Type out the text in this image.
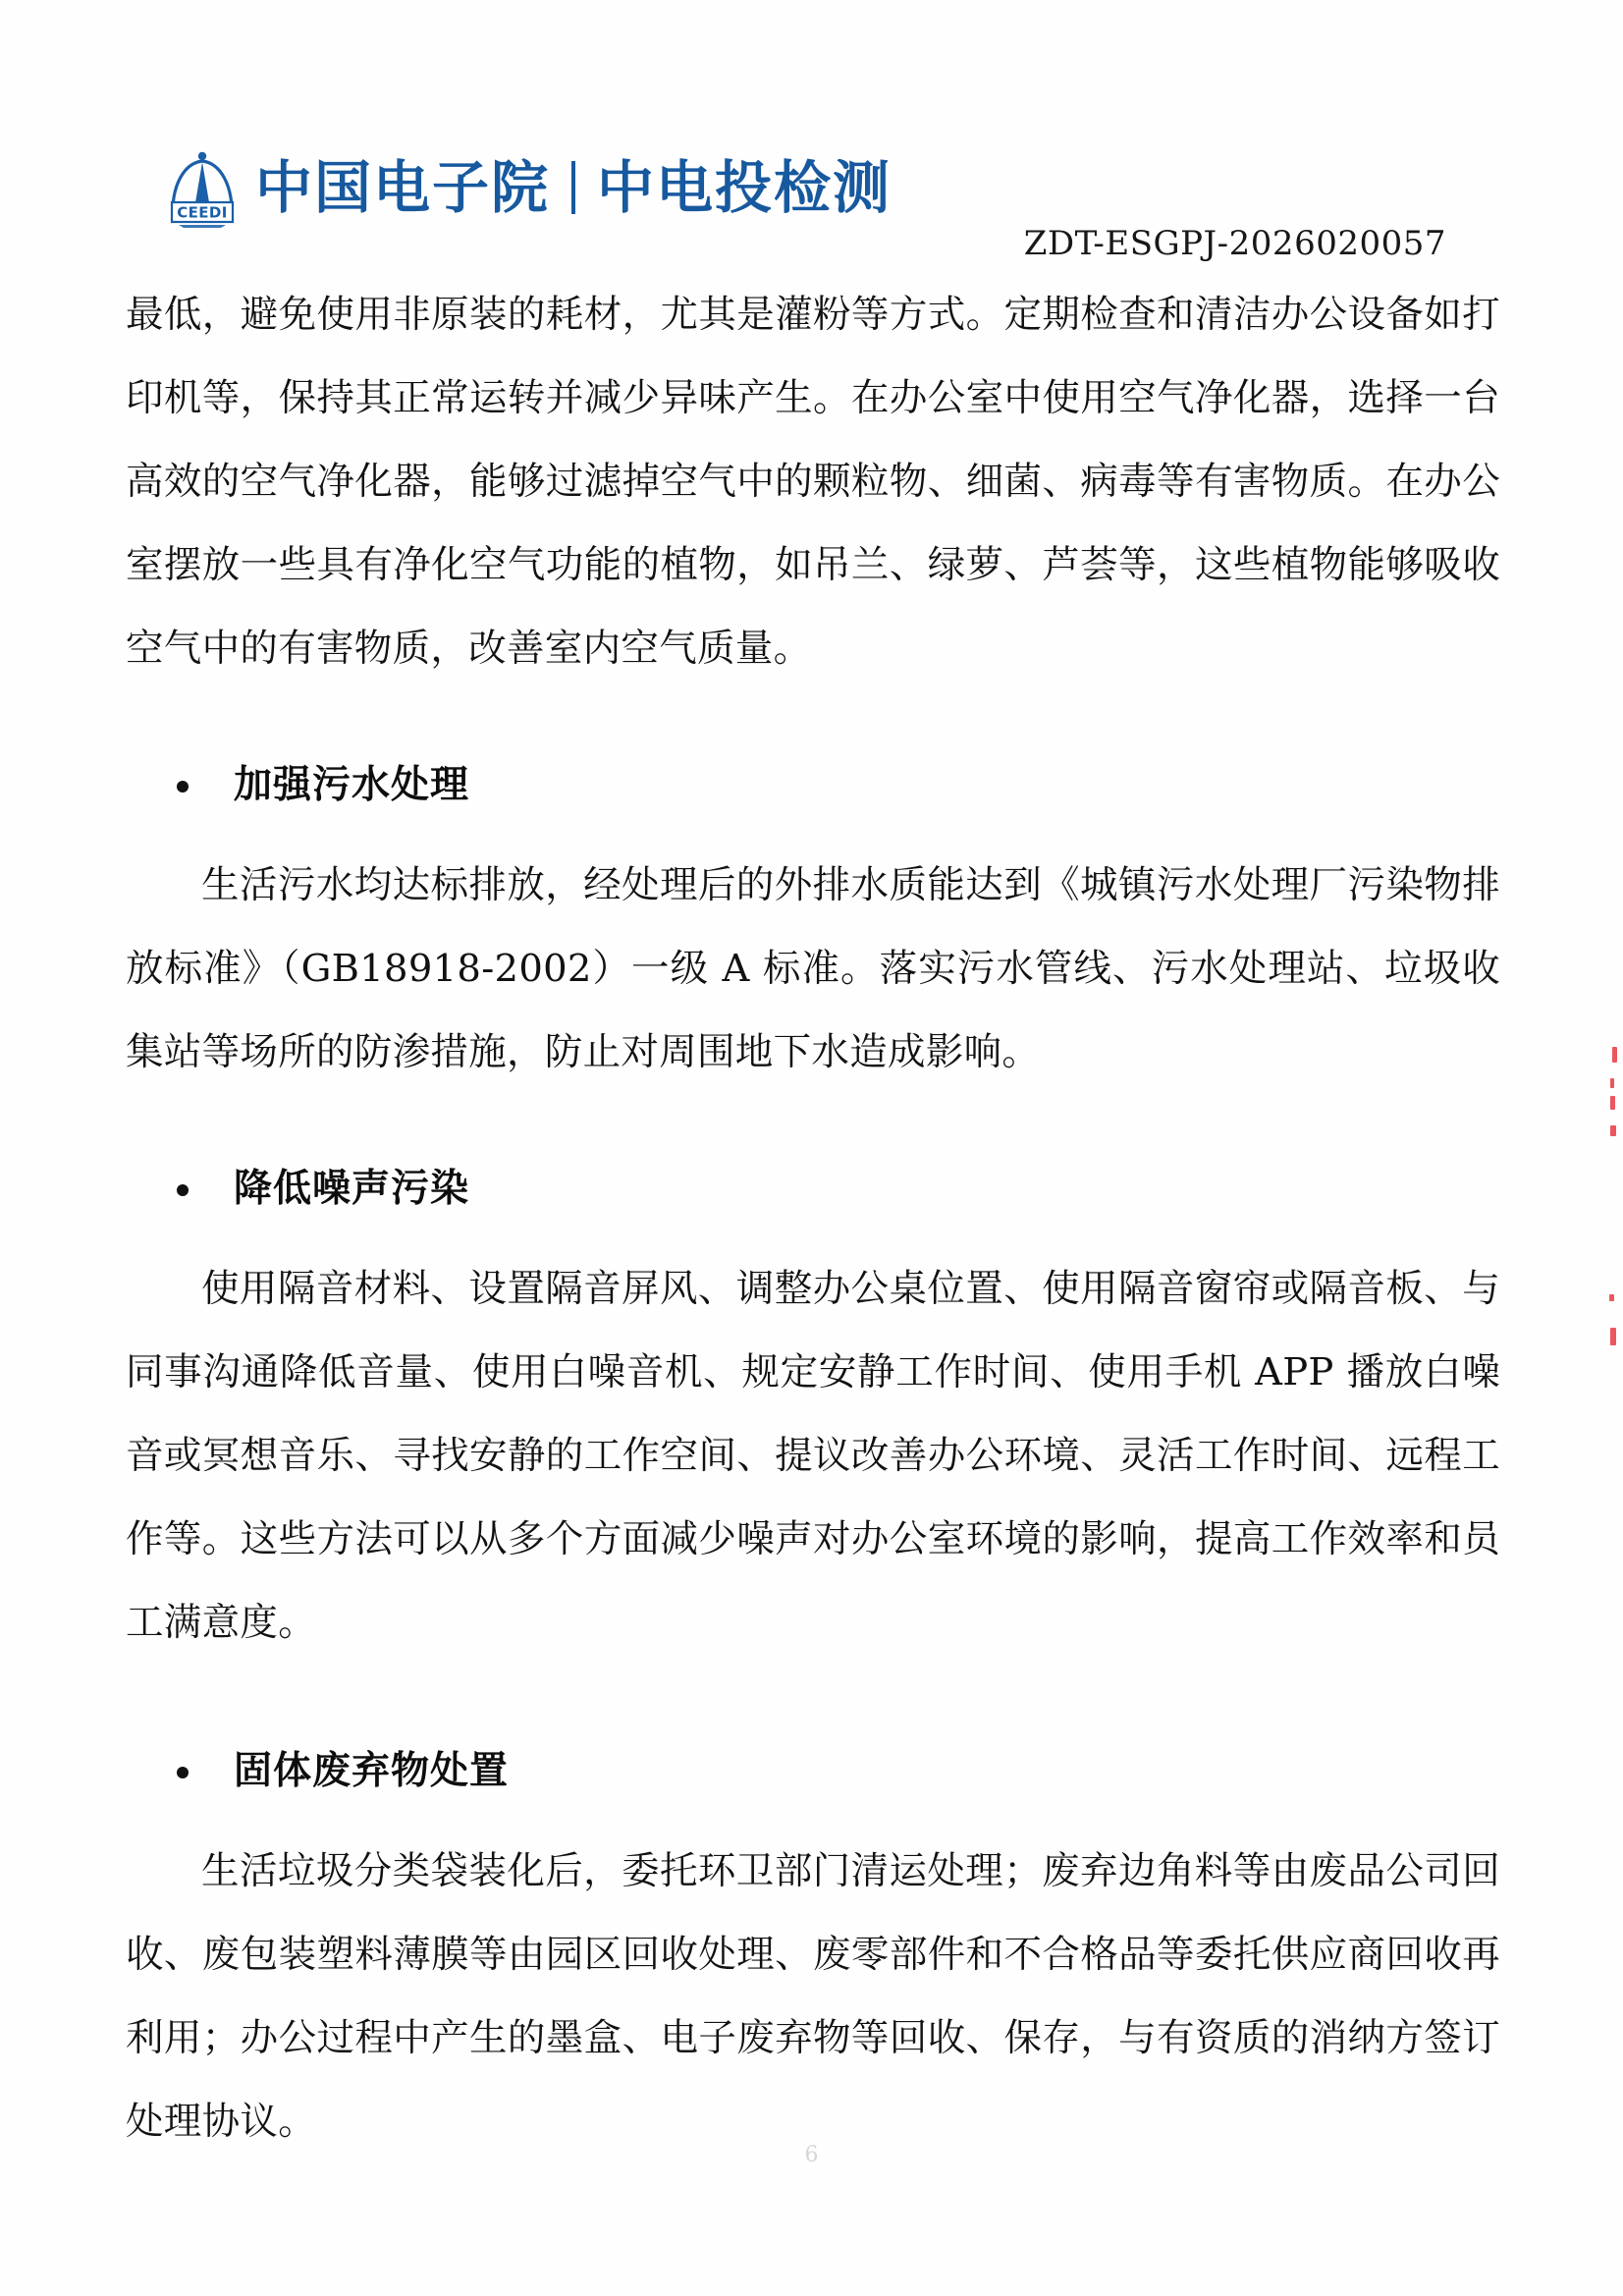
CEEDI 中国电子院 中电投检测
ZDT-ESGPJ-2026020057

最低，避免使用非原装的耗材，尤其是灌粉等方式。定期检查和清洁办公设备如打印机等，保持其正常运转并减少异味产生。在办公室中使用空气净化器，选择一台高效的空气净化器，能够过滤掉空气中的颗粒物、细菌、病毒等有害物质。在办公室摆放一些具有净化空气功能的植物，如吊兰、绿萝、芦荟等，这些植物能够吸收空气中的有害物质，改善室内空气质量。

加强污水处理

生活污水均达标排放，经处理后的外排水质能达到《城镇污水处理厂污染物排放标准》（GB18918-2002）一级 A 标准。落实污水管线、污水处理站、垃圾收集站等场所的防渗措施，防止对周围地下水造成影响。

降低噪声污染

使用隔音材料、设置隔音屏风、调整办公桌位置、使用隔音窗帘或隔音板、与同事沟通降低音量、使用白噪音机、规定安静工作时间、使用手机 APP 播放白噪音或冥想音乐、寻找安静的工作空间、提议改善办公环境、灵活工作时间、远程工作等。这些方法可以从多个方面减少噪声对办公室环境的影响，提高工作效率和员工满意度。

固体废弃物处置

生活垃圾分类袋装化后，委托环卫部门清运处理；废弃边角料等由废品公司回收、废包装塑料薄膜等由园区回收处理、废零部件和不合格品等委托供应商回收再利用；办公过程中产生的墨盒、电子废弃物等回收、保存，与有资质的消纳方签订处理协议。

6
